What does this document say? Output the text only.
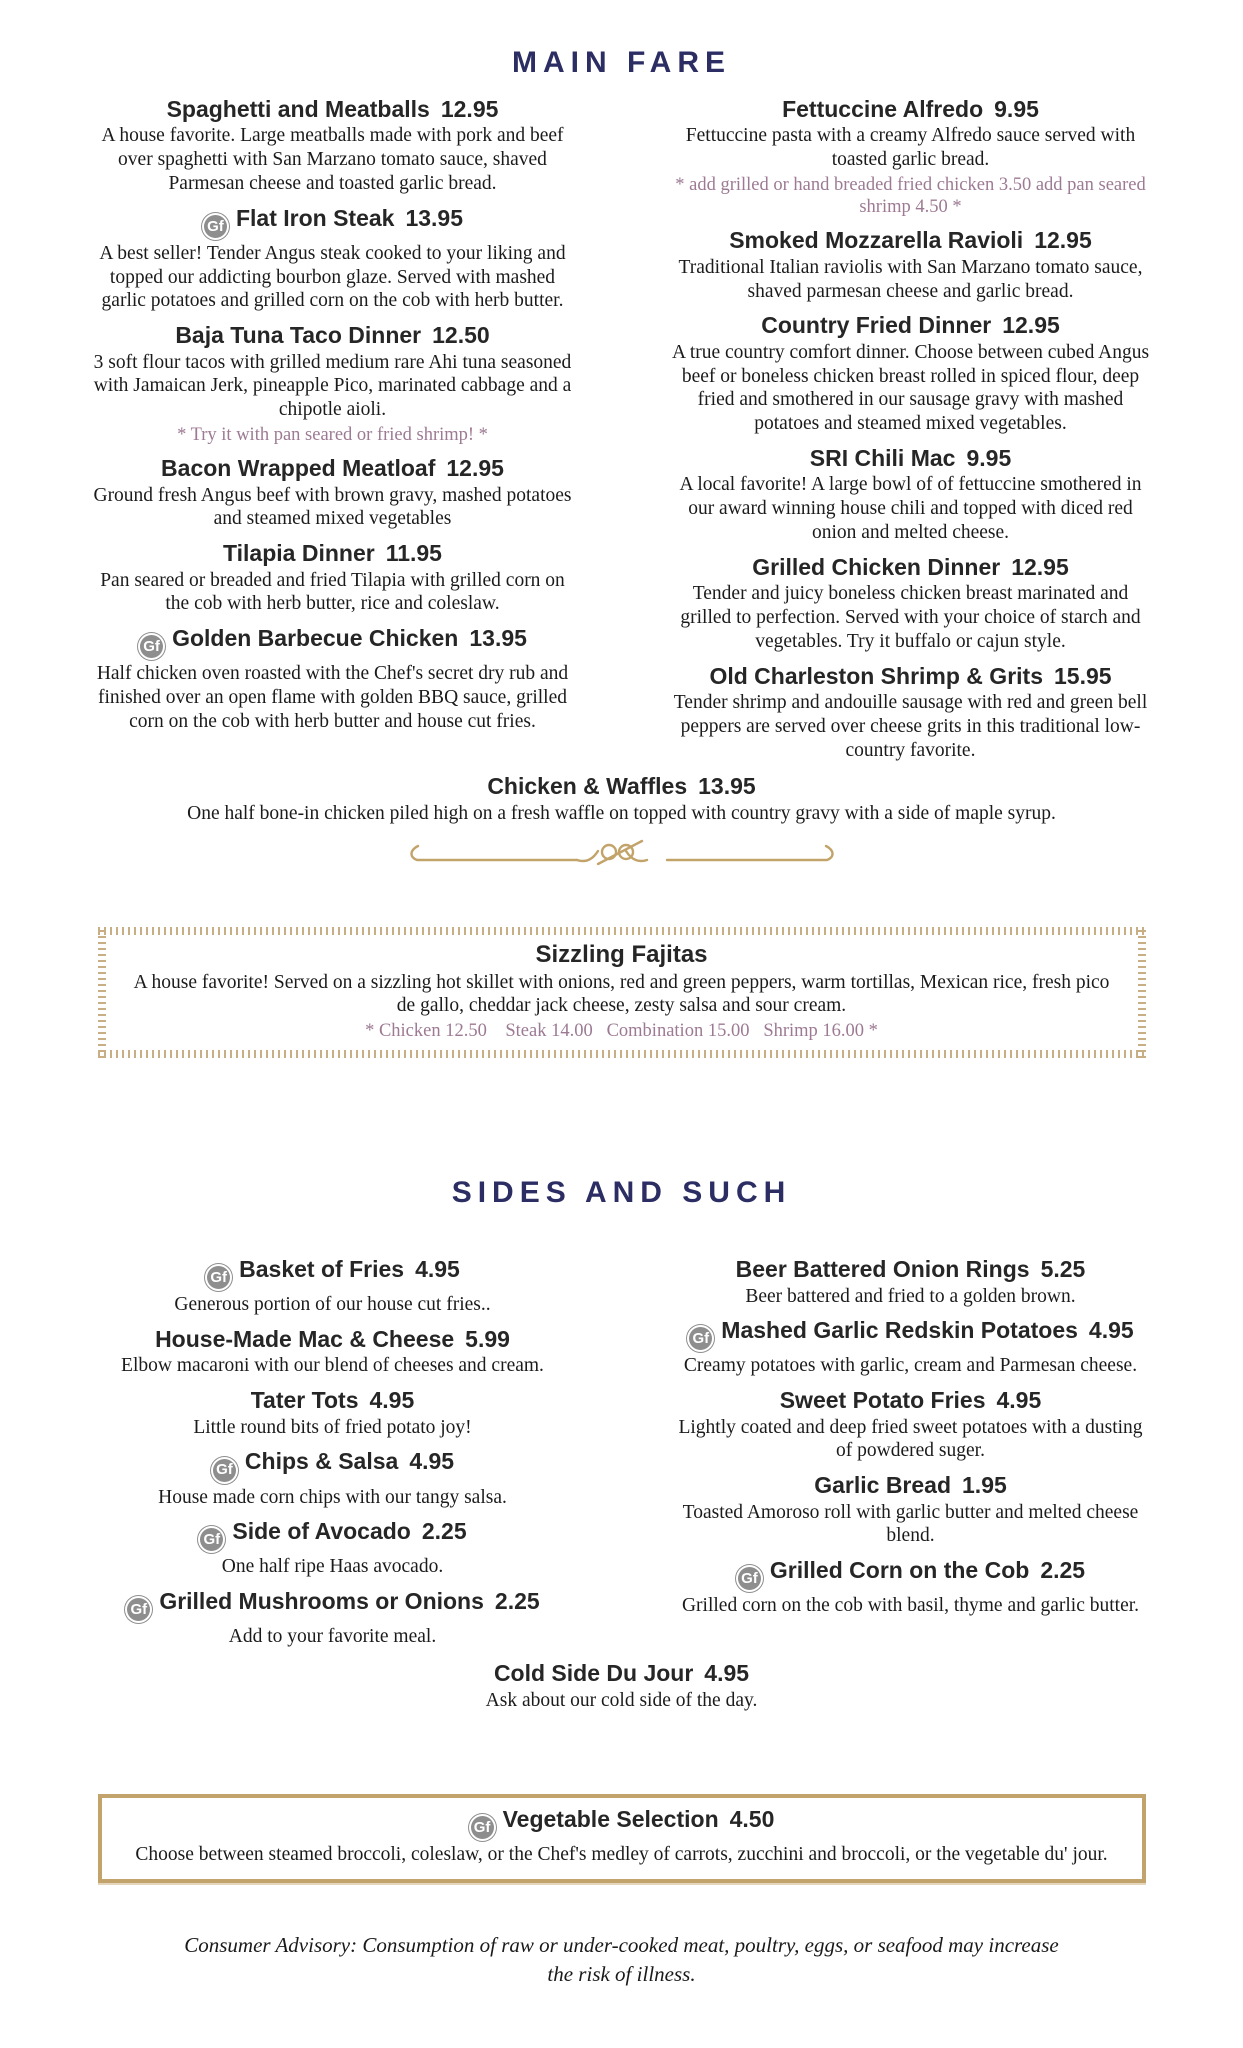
MAIN FARE
Spaghetti and Meatballs 12.95
A house favorite. Large meatballs made with pork and beef over spaghetti with San Marzano tomato sauce, shaved Parmesan cheese and toasted garlic bread.
Gf Flat Iron Steak 13.95
A best seller! Tender Angus steak cooked to your liking and topped our addicting bourbon glaze. Served with mashed garlic potatoes and grilled corn on the cob with herb butter.
Baja Tuna Taco Dinner 12.50
3 soft flour tacos with grilled medium rare Ahi tuna seasoned with Jamaican Jerk, pineapple Pico, marinated cabbage and a chipotle aioli.
* Try it with pan seared or fried shrimp! *
Bacon Wrapped Meatloaf 12.95
Ground fresh Angus beef with brown gravy, mashed potatoes and steamed mixed vegetables
Tilapia Dinner 11.95
Pan seared or breaded and fried Tilapia with grilled corn on the cob with herb butter, rice and coleslaw.
Gf Golden Barbecue Chicken 13.95
Half chicken oven roasted with the Chef's secret dry rub and finished over an open flame with golden BBQ sauce, grilled corn on the cob with herb butter and house cut fries.
Fettuccine Alfredo 9.95
Fettuccine pasta with a creamy Alfredo sauce served with toasted garlic bread.
* add grilled or hand breaded fried chicken 3.50 add pan seared shrimp 4.50 *
Smoked Mozzarella Ravioli 12.95
Traditional Italian raviolis with San Marzano tomato sauce, shaved parmesan cheese and garlic bread.
Country Fried Dinner 12.95
A true country comfort dinner. Choose between cubed Angus beef or boneless chicken breast rolled in spiced flour, deep fried and smothered in our sausage gravy with mashed potatoes and steamed mixed vegetables.
SRI Chili Mac 9.95
A local favorite! A large bowl of of fettuccine smothered in our award winning house chili and topped with diced red onion and melted cheese.
Grilled Chicken Dinner 12.95
Tender and juicy boneless chicken breast marinated and grilled to perfection. Served with your choice of starch and vegetables. Try it buffalo or cajun style.
Old Charleston Shrimp & Grits 15.95
Tender shrimp and andouille sausage with red and green bell peppers are served over cheese grits in this traditional low-country favorite.
Chicken & Waffles 13.95
One half bone-in chicken piled high on a fresh waffle on topped with country gravy with a side of maple syrup.
Sizzling Fajitas
A house favorite! Served on a sizzling hot skillet with onions, red and green peppers, warm tortillas, Mexican rice, fresh pico de gallo, cheddar jack cheese, zesty salsa and sour cream.
* Chicken 12.50    Steak 14.00   Combination 15.00   Shrimp 16.00 *
SIDES AND SUCH
Gf Basket of Fries 4.95
Generous portion of our house cut fries..
House-Made Mac & Cheese 5.99
Elbow macaroni with our blend of cheeses and cream.
Tater Tots 4.95
Little round bits of fried potato joy!
Gf Chips & Salsa 4.95
House made corn chips with our tangy salsa.
Gf Side of Avocado 2.25
One half ripe Haas avocado.
Gf Grilled Mushrooms or Onions 2.25
Add to your favorite meal.
Beer Battered Onion Rings 5.25
Beer battered and fried to a golden brown.
Gf Mashed Garlic Redskin Potatoes 4.95
Creamy potatoes with garlic, cream and Parmesan cheese.
Sweet Potato Fries 4.95
Lightly coated and deep fried sweet potatoes with a dusting of powdered suger.
Garlic Bread 1.95
Toasted Amoroso roll with garlic butter and melted cheese blend.
Gf Grilled Corn on the Cob 2.25
Grilled corn on the cob with basil, thyme and garlic butter.
Cold Side Du Jour 4.95
Ask about our cold side of the day.
Gf Vegetable Selection 4.50
Choose between steamed broccoli, coleslaw, or the Chef's medley of carrots, zucchini and broccoli, or the vegetable du' jour.
Consumer Advisory: Consumption of raw or under-cooked meat, poultry, eggs, or seafood may increase the risk of illness.
